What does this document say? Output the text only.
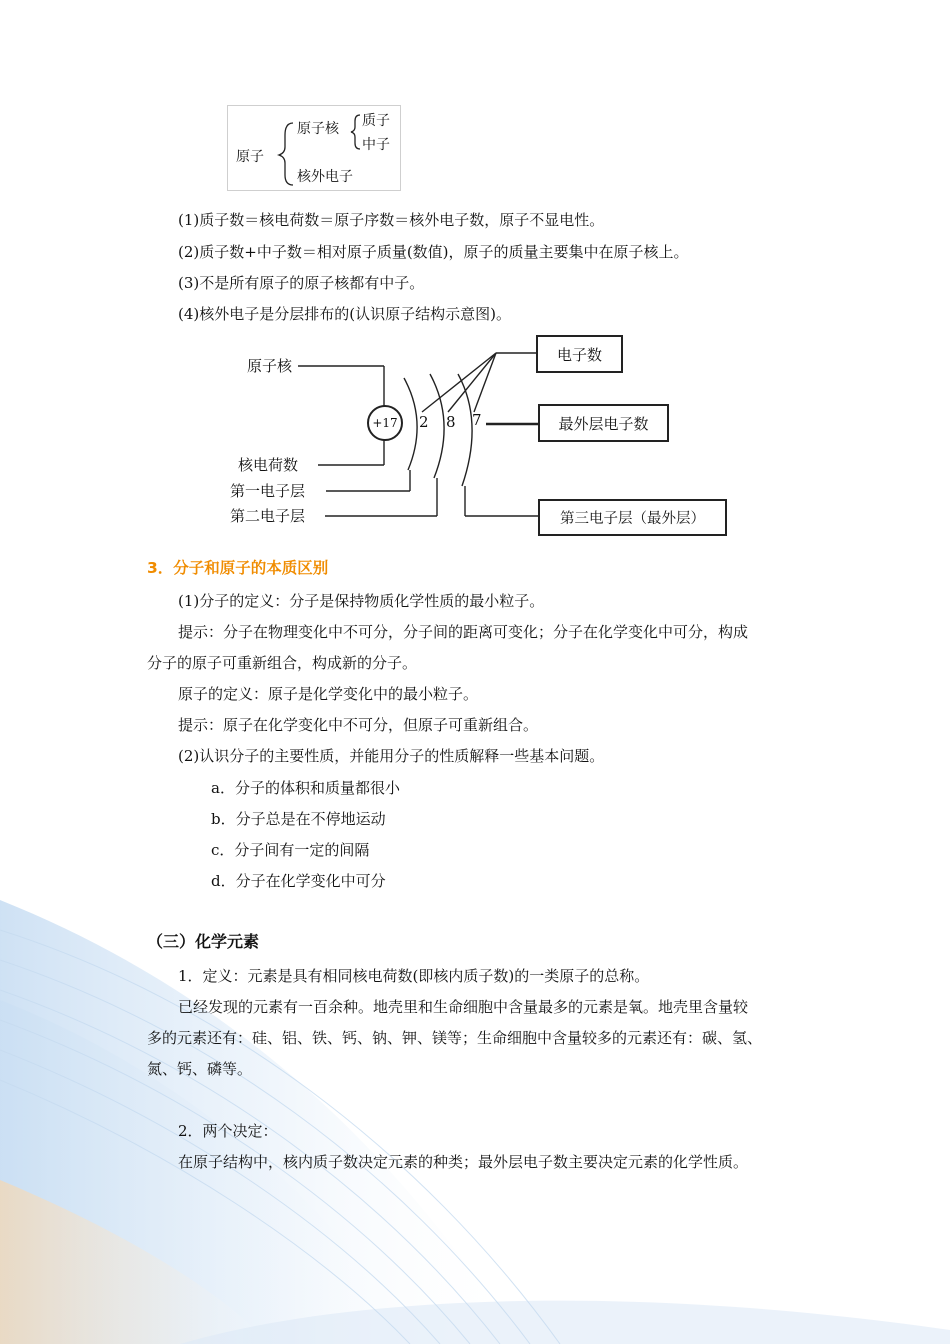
原子
原子核 质子
中子
核外电子
(1)质子数＝核电荷数＝原子序数＝核外电子数，原子不显电性。
(2)质子数+中子数＝相对原子质量(数值)，原子的质量主要集中在原子核上。
(3)不是所有原子的原子核都有中子。
(4)核外电子是分层排布的(认识原子结构示意图)。
原子核
核电荷数
第一电子层
第二电子层
+17	2 8 7
电子数
最外层电子数
第三电子层（最外层）
3．分子和原子的本质区别
(1)分子的定义：分子是保持物质化学性质的最小粒子。
提示：分子在物理变化中不可分，分子间的距离可变化；分子在化学变化中可分，构成
分子的原子可重新组合，构成新的分子。
原子的定义：原子是化学变化中的最小粒子。
提示：原子在化学变化中不可分，但原子可重新组合。
(2)认识分子的主要性质，并能用分子的性质解释一些基本问题。
a．分子的体积和质量都很小
b．分子总是在不停地运动
c．分子间有一定的间隔
d．分子在化学变化中可分
（三）化学元素
1．定义：元素是具有相同核电荷数(即核内质子数)的一类原子的总称。
已经发现的元素有一百余种。地壳里和生命细胞中含量最多的元素是氧。地壳里含量较
多的元素还有：硅、铝、铁、钙、钠、钾、镁等；生命细胞中含量较多的元素还有：碳、氢、
氮、钙、磷等。
2．两个决定：
在原子结构中，核内质子数决定元素的种类；最外层电子数主要决定元素的化学性质。
